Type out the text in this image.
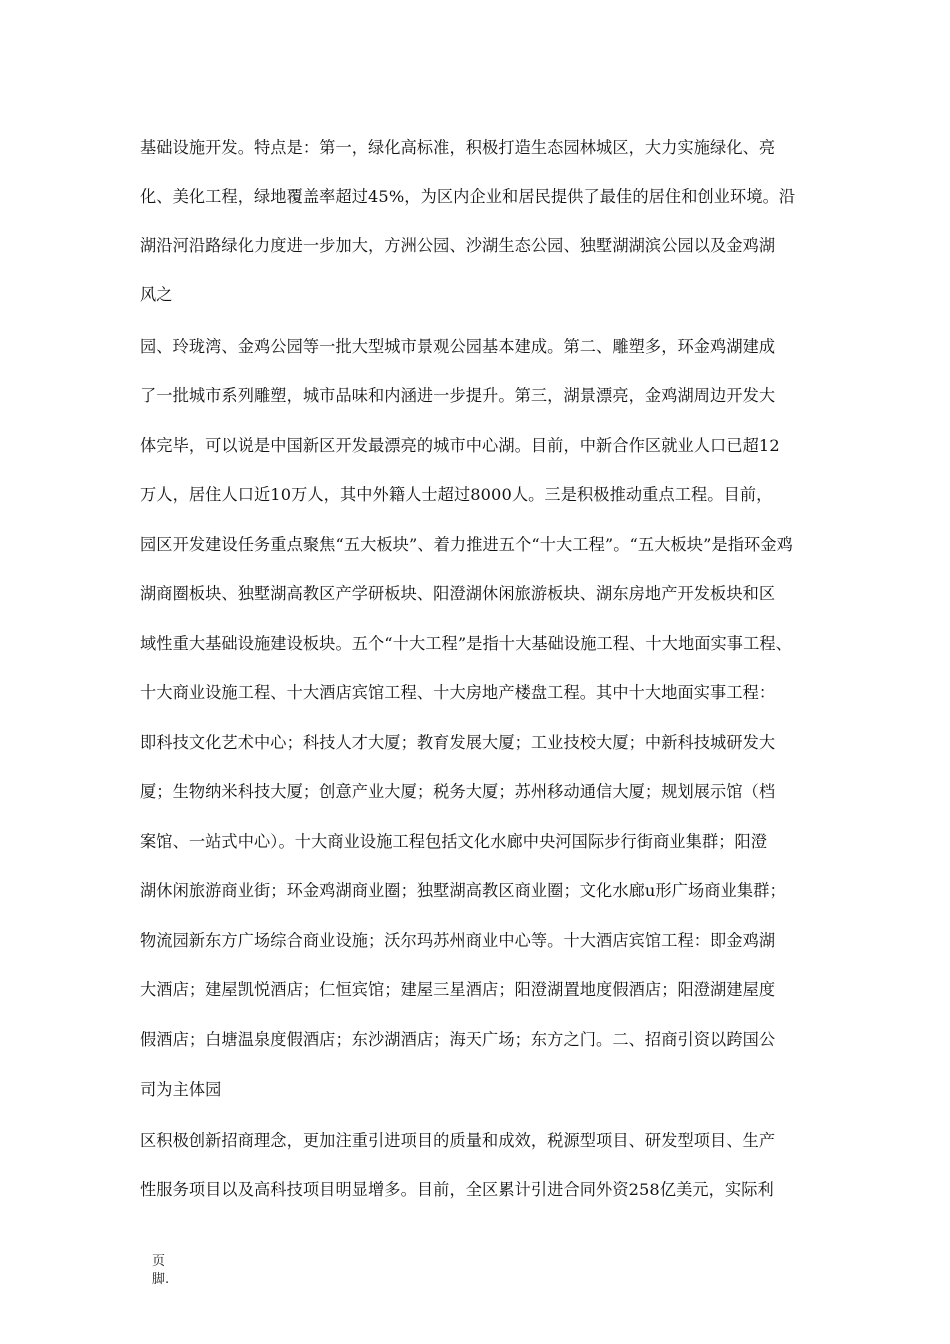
基础设施开发。特点是：第一，绿化高标准，积极打造生态园林城区，大力实施绿化、亮
化、美化工程，绿地覆盖率超过45%，为区内企业和居民提供了最佳的居住和创业环境。沿
湖沿河沿路绿化力度进一步加大，方洲公园、沙湖生态公园、独墅湖湖滨公园以及金鸡湖
风之
园、玲珑湾、金鸡公园等一批大型城市景观公园基本建成。第二、雕塑多，环金鸡湖建成
了一批城市系列雕塑，城市品味和内涵进一步提升。第三，湖景漂亮，金鸡湖周边开发大
体完毕，可以说是中国新区开发最漂亮的城市中心湖。目前，中新合作区就业人口已超12
万人，居住人口近10万人，其中外籍人士超过8000人。三是积极推动重点工程。目前，
园区开发建设任务重点聚焦“五大板块”、着力推进五个“十大工程”。“五大板块”是指环金鸡
湖商圈板块、独墅湖高教区产学研板块、阳澄湖休闲旅游板块、湖东房地产开发板块和区
域性重大基础设施建设板块。五个“十大工程”是指十大基础设施工程、十大地面实事工程、
十大商业设施工程、十大酒店宾馆工程、十大房地产楼盘工程。其中十大地面实事工程：
即科技文化艺术中心；科技人才大厦；教育发展大厦；工业技校大厦；中新科技城研发大
厦；生物纳米科技大厦；创意产业大厦；税务大厦；苏州移动通信大厦；规划展示馆（档
案馆、一站式中心）。十大商业设施工程包括文化水廊中央河国际步行街商业集群；阳澄
湖休闲旅游商业街；环金鸡湖商业圈；独墅湖高教区商业圈；文化水廊u形广场商业集群；
物流园新东方广场综合商业设施；沃尔玛苏州商业中心等。十大酒店宾馆工程：即金鸡湖
大酒店；建屋凯悦酒店；仁恒宾馆；建屋三星酒店；阳澄湖置地度假酒店；阳澄湖建屋度
假酒店；白塘温泉度假酒店；东沙湖酒店；海天广场；东方之门。二、招商引资以跨国公
司为主体园
区积极创新招商理念，更加注重引进项目的质量和成效，税源型项目、研发型项目、生产
性服务项目以及高科技项目明显增多。目前，全区累计引进合同外资258亿美元，实际利
页
脚.
